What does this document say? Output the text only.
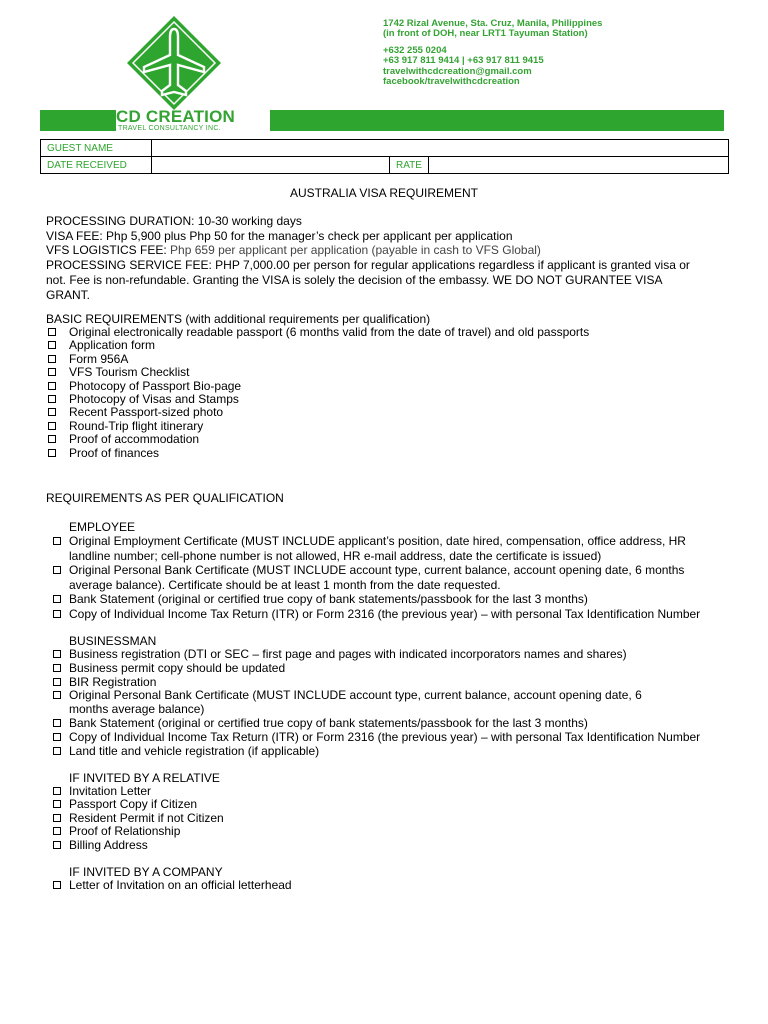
CD CREATION
TRAVEL CONSULTANCY INC.
1742 Rizal Avenue, Sta. Cruz, Manila, Philippines
(in front of DOH, near LRT1 Tayuman Station)
+632 255 0204
+63 917 811 9414 | +63 917 811 9415
travelwithcdcreation@gmail.com
facebook/travelwithcdcreation
GUEST NAME			
DATE RECEIVED		RATE	
AUSTRALIA VISA REQUIREMENT
PROCESSING DURATION: 10-30 working days
VISA FEE: Php 5,900 plus Php 50 for the manager’s check per applicant per application
VFS LOGISTICS FEE: Php 659 per applicant per application (payable in cash to VFS Global)
PROCESSING SERVICE FEE: PHP 7,000.00 per person for regular applications regardless if applicant is granted visa or
not. Fee is non-refundable. Granting the VISA is solely the decision of the embassy. WE DO NOT GURANTEE VISA
GRANT.
BASIC REQUIREMENTS (with additional requirements per qualification)
Original electronically readable passport (6 months valid from the date of travel) and old passports
Application form
Form 956A
VFS Tourism Checklist
Photocopy of Passport Bio-page
Photocopy of Visas and Stamps
Recent Passport-sized photo
Round-Trip flight itinerary
Proof of accommodation
Proof of finances
REQUIREMENTS AS PER QUALIFICATION
EMPLOYEE
Original Employment Certificate (MUST INCLUDE applicant’s position, date hired, compensation, office address, HR
landline number; cell-phone number is not allowed, HR e-mail address, date the certificate is issued)
Original Personal Bank Certificate (MUST INCLUDE account type, current balance, account opening date, 6 months
average balance). Certificate should be at least 1 month from the date requested.
Bank Statement (original or certified true copy of bank statements/passbook for the last 3 months)
Copy of Individual Income Tax Return (ITR) or Form 2316 (the previous year) – with personal Tax Identification Number
BUSINESSMAN
Business registration (DTI or SEC – first page and pages with indicated incorporators names and shares)
Business permit copy should be updated
BIR Registration
Original Personal Bank Certificate (MUST INCLUDE account type, current balance, account opening date, 6
months average balance)
Bank Statement (original or certified true copy of bank statements/passbook for the last 3 months)
Copy of Individual Income Tax Return (ITR) or Form 2316 (the previous year) – with personal Tax Identification Number
Land title and vehicle registration (if applicable)
IF INVITED BY A RELATIVE
Invitation Letter
Passport Copy if Citizen
Resident Permit if not Citizen
Proof of Relationship
Billing Address
IF INVITED BY A COMPANY
Letter of Invitation on an official letterhead
